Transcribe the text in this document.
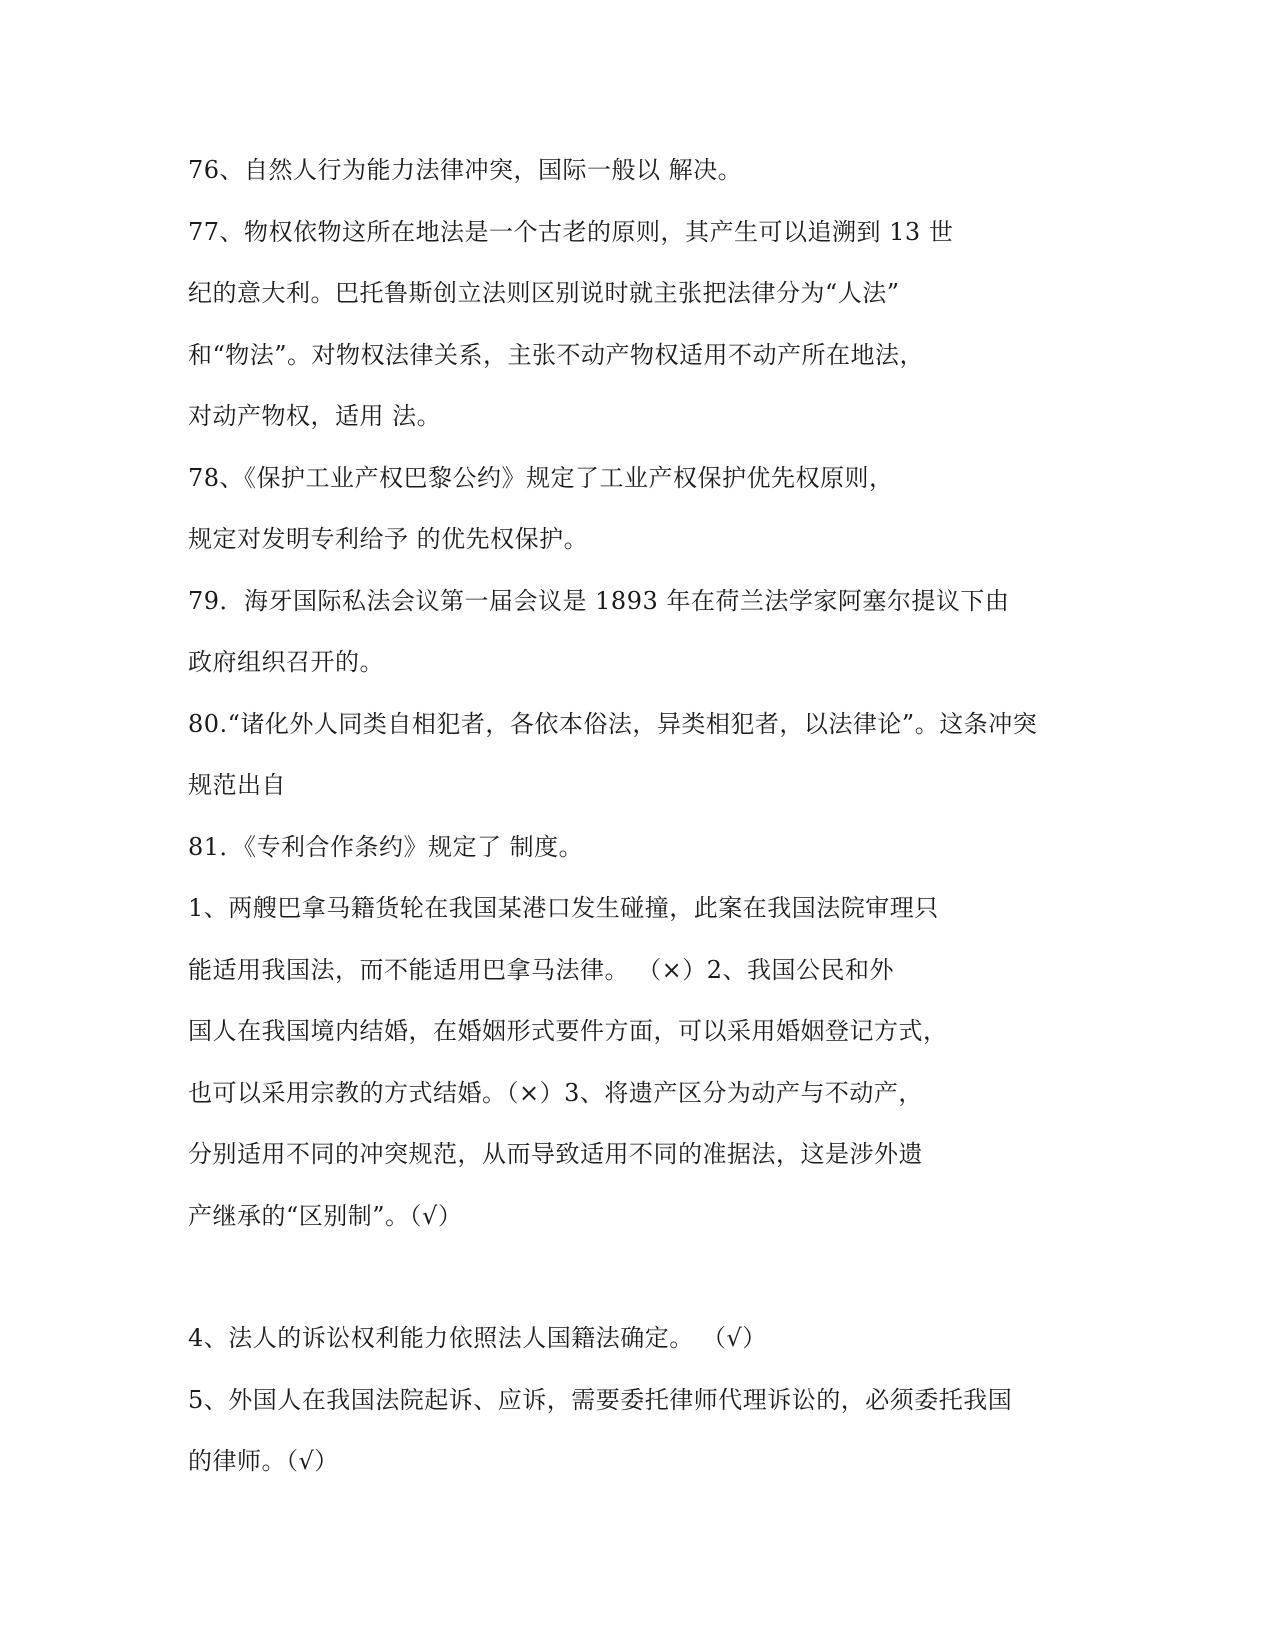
76、自然人行为能力法律冲突，国际一般以 解决。
77、物权依物这所在地法是一个古老的原则，其产生可以追溯到 13 世
纪的意大利。巴托鲁斯创立法则区别说时就主张把法律分为“人法”
和“物法”。对物权法律关系，主张不动产物权适用不动产所在地法，
对动产物权，适用 法。
78、《保护工业产权巴黎公约》规定了工业产权保护优先权原则，
规定对发明专利给予 的优先权保护。
79．海牙国际私法会议第一届会议是 1893 年在荷兰法学家阿塞尔提议下由
政府组织召开的。
80.“诸化外人同类自相犯者，各依本俗法，异类相犯者，以法律论”。这条冲突
规范出自
81．《专利合作条约》规定了 制度。
1、两艘巴拿马籍货轮在我国某港口发生碰撞，此案在我国法院审理只
能适用我国法，而不能适用巴拿马法律。 （×）2、我国公民和外
国人在我国境内结婚，在婚姻形式要件方面，可以采用婚姻登记方式，
也可以采用宗教的方式结婚。（×）3、将遗产区分为动产与不动产，
分别适用不同的冲突规范，从而导致适用不同的准据法，这是涉外遗
产继承的“区别制”。（√）
4、法人的诉讼权利能力依照法人国籍法确定。 （√）
5、外国人在我国法院起诉、应诉，需要委托律师代理诉讼的，必须委托我国
的律师。（√）
